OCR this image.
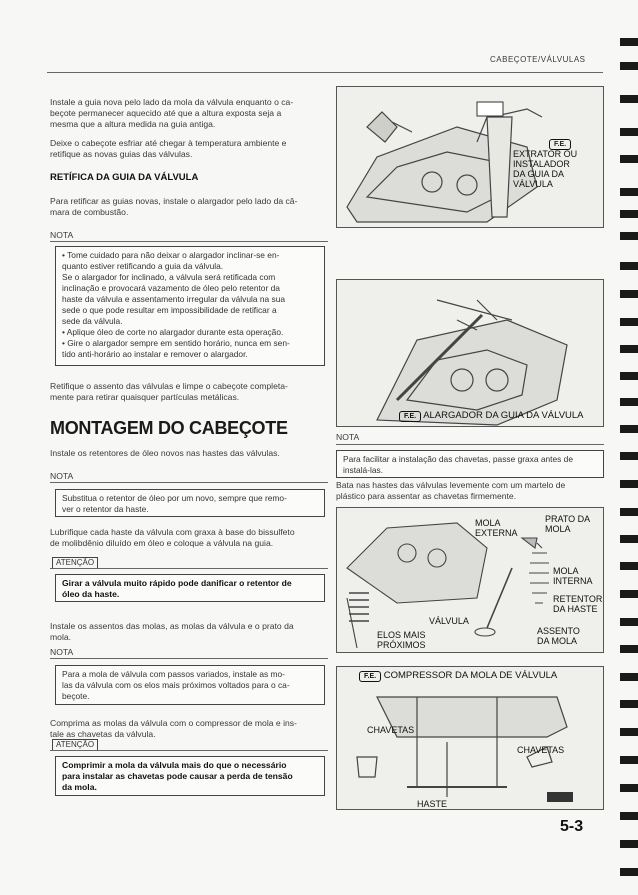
CABEÇOTE/VÁLVULAS
Instale a guia nova pelo lado da mola da válvula enquanto o ca-
beçote permanecer aquecido até que a altura exposta seja a
mesma que a altura medida na guia antiga.
Deixe o cabeçote esfriar até chegar à temperatura ambiente e
retifique as novas guias das válvulas.
RETÍFICA DA GUIA DA VÁLVULA
Para retificar as guias novas, instale o alargador pelo lado da câ-
mara de combustão.
NOTA
• Tome cuidado para não deixar o alargador inclinar-se en-
quanto estiver retificando a guia da válvula.
Se o alargador for inclinado, a válvula será retificada com
inclinação e provocará vazamento de óleo pelo retentor da
haste da válvula e assentamento irregular da válvula na sua
sede o que pode resultar em impossibilidade de retificar a
sede da válvula.
• Aplique óleo de corte no alargador durante esta operação.
• Gire o alargador sempre em sentido horário, nunca em sen-
tido anti-horário ao instalar e remover o alargador.
Retifique o assento das válvulas e limpe o cabeçote completa-
mente para retirar quaisquer partículas metálicas.
MONTAGEM DO CABEÇOTE
Instale os retentores de óleo novos nas hastes das válvulas.
NOTA
Substitua o retentor de óleo por um novo, sempre que remo-
ver o retentor da haste.
Lubrifique cada haste da válvula com graxa à base do bissulfeto
de molibdênio diluído em óleo e coloque a válvula na guia.
ATENÇÃO
Girar a válvula muito rápido pode danificar o retentor de
óleo da haste.
Instale os assentos das molas, as molas da válvula e o prato da
mola.
NOTA
Para a mola de válvula com passos variados, instale as mo-
las da válvula com os elos mais próximos voltados para o ca-
beçote.
Comprima as molas da válvula com o compressor de mola e ins-
tale as chavetas da válvula.
ATENÇÃO
Comprimir a mola da válvula mais do que o necessário
para instalar as chavetas pode causar a perda de tensão
da mola.
F.E.
EXTRATOR OU
INSTALADOR
DA GUIA DA
VÁLVULA
F.E. ALARGADOR DA GUIA DA VÁLVULA
NOTA
Para facilitar a instalação das chavetas, passe graxa antes de
instalá-las.
Bata nas hastes das válvulas levemente com um martelo de
plástico para assentar as chavetas firmemente.
PRATO DA MOLA
MOLA
EXTERNA
MOLA
INTERNA
RETENTOR
DA HASTE
VÁLVULA
ASSENTO
DA MOLA
ELOS MAIS
PRÓXIMOS
F.E. COMPRESSOR DA MOLA DE VÁLVULA
CHAVETAS
CHAVETAS
HASTE
5-3
